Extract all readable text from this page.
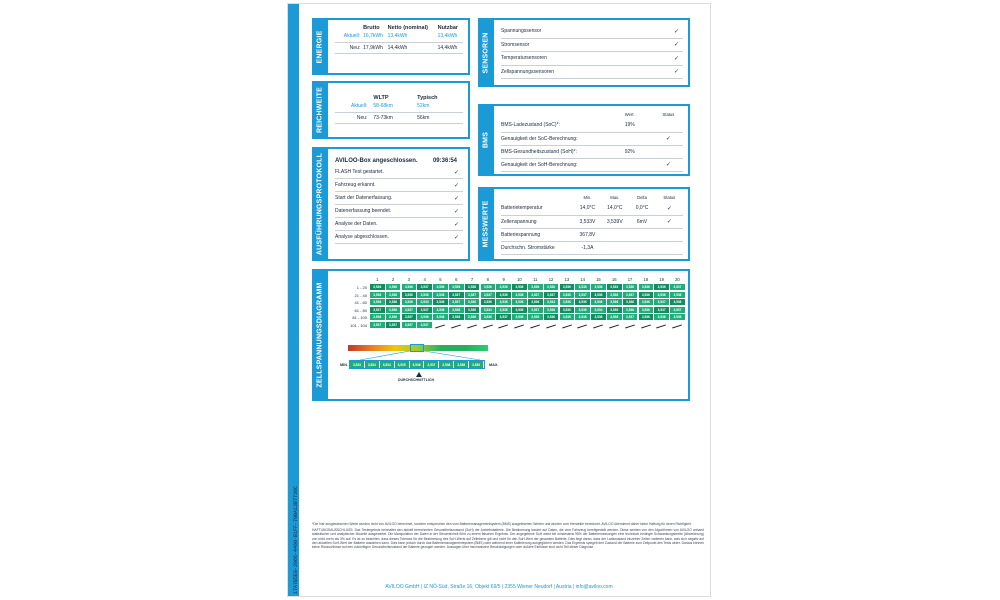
17A7B5E0-2066-4400-B1FF-70BA13B7730C
ENERGIE
	Brutto	Netto (nominal)	Nutzbar
Aktuell:	16,7kWh	13,4kWh	13,4kWh
Neu:	17,9kWh	14,4kWh	14,4kWh
REICHWEITE
		WLTP	Typisch
Aktuell:	58-68km	52km
Neu:	73-73km	56km
AUSFÜHRUNGSPROTOKOLL AVILOO-Box angeschlossen.	09:36:54
FLASH Test gestartet.	✓
Fahrzeug erkannt.	✓
Start der Datenerfassung.	✓
Datenerfassung beendet.	✓
Analyse der Daten.	✓
Analyse abgeschlossen.	✓
SENSOREN
Spannungssensor	✓
Stromsensor	✓
Temperatursensoren	✓
Zellspannungssensoren	✓
BMS
	Wert	Status
BMS-Ladezustand (SoC)*:	19%	
Genauigkeit der SoC-Berechnung:		✓
BMS-Gesundheitszustand (SoH)*:	92%	
Genauigkeit der SoH-Berechnung:		✓
MESSWERTE
	Min.	Max.	Delta	Status
Batterietemperatur	14,0°C	14,0°C	0,0°C	✓
Zellenspannung	3,533V	3,539V	6mV	✓
Batteriespannung	367,8V			
Durchschn. Stromstärke	-1,3A			
ZELLSPANNUNGSDIAGRAMM
1	2	3	4	5	6	7	8	9	10	11	12	13	14	15	16	17	18	19	20
1 - 20	3,536	3,536	3,536	3,537	3,536	3,536	3,538	3,536	3,536	3,536	3,536	3,536	3,536	3,536	3,536	3,533	3,536	3,536	3,536	3,537
21 - 40	3,536	3,536	3,536	3,536	3,536	3,537	3,537	3,537	3,536	3,536	3,537	3,537	3,536	3,537	3,536	3,536	3,537	3,536	3,536	3,536
41 - 60	3,536	3,536	3,536	3,533	3,536	3,537	3,536	3,536	3,536	3,536	3,536	3,534	3,536	3,536	3,536	3,536	3,536	3,536	3,537	3,536
61 - 80	3,537	3,536	3,537	3,537	3,536	3,536	3,536	3,534	3,536	3,536	3,537	3,536	3,536	3,536	3,534	3,536	3,536	3,536	3,537	3,537
81 - 100	3,536	3,536	3,537	3,536	3,536	3,536	3,536	3,536	3,537	3,536	3,536	3,536	3,536	3,536	3,536	3,536	3,537	3,536	3,536	3,536
101 - 104	3,537	3,537	3,537	3,537
MIN.	3,533	3,534	3,534	3,535	3,536	3,537	3,538	3,538	3,539	MAX.
DURCHSCHNITTLICH

*Die hier ausgewiesenen Werte wurden nicht von AVILOO berechnet, sondern entsprechen den vom Batteriemanagementsystem (BMS) ausgelesenen Werten und wurden vom Hersteller berechnet. AVILOO übernimmt daher keine Haftung für deren Richtigkeit.

HAFTUNGSAUSSCHLUSS: Das Testergebnis beinhaltet den aktuell berechneten Gesundheitszustand (SoH) der Antriebsbatterie. Die Bestimmung basiert auf Daten, die vom Fahrzeug bereitgestellt werden. Diese werden von den Algorithmen von AVILOO anhand statistischer und analytischer Modelle ausgewertet. Die Manipulation der Daten in der Steuereinheit führt zu einem falschen Ergebnis. Der angegebene SoH weist bei mindestens 95% der Batteriemessungen eine technisch bedingte Schwankungsbreite (Abweichung) von nicht mehr als 3% auf. Es ist zu beachten, dass dieses Toleranz für die Bestimmung des SoH-Werts auf Zellebene gilt und nicht für den SoH-Wert der gesamten Batterie. Dies liegt daran, dass der Ladezustand einzelner Zellen variieren kann, was sich negativ auf den aktuellen SoH-Wert der Batterie auswirken kann. Dies kann jedoch durch das Batteriemanagementsystem (BMS) oder während einer Kalibrierung ausgeglichen werden. Das Ergebnis spiegelt den Zustand der Batterie zum Zeitpunkt des Tests wider. Daraus können keine Rückschlüsse auf den zukünftigen Gesundheitszustand der Batterie gezogen werden. Aussagen über mechanische Beschädigungen oder äußere Einflüsse sind nicht Teil dieser Diagnose.

AVILOO GmbH | IZ NÖ-Süd, Straße 16, Objekt 69/5 | 2355 Wiener Neudorf | Austria | info@aviloo.com
